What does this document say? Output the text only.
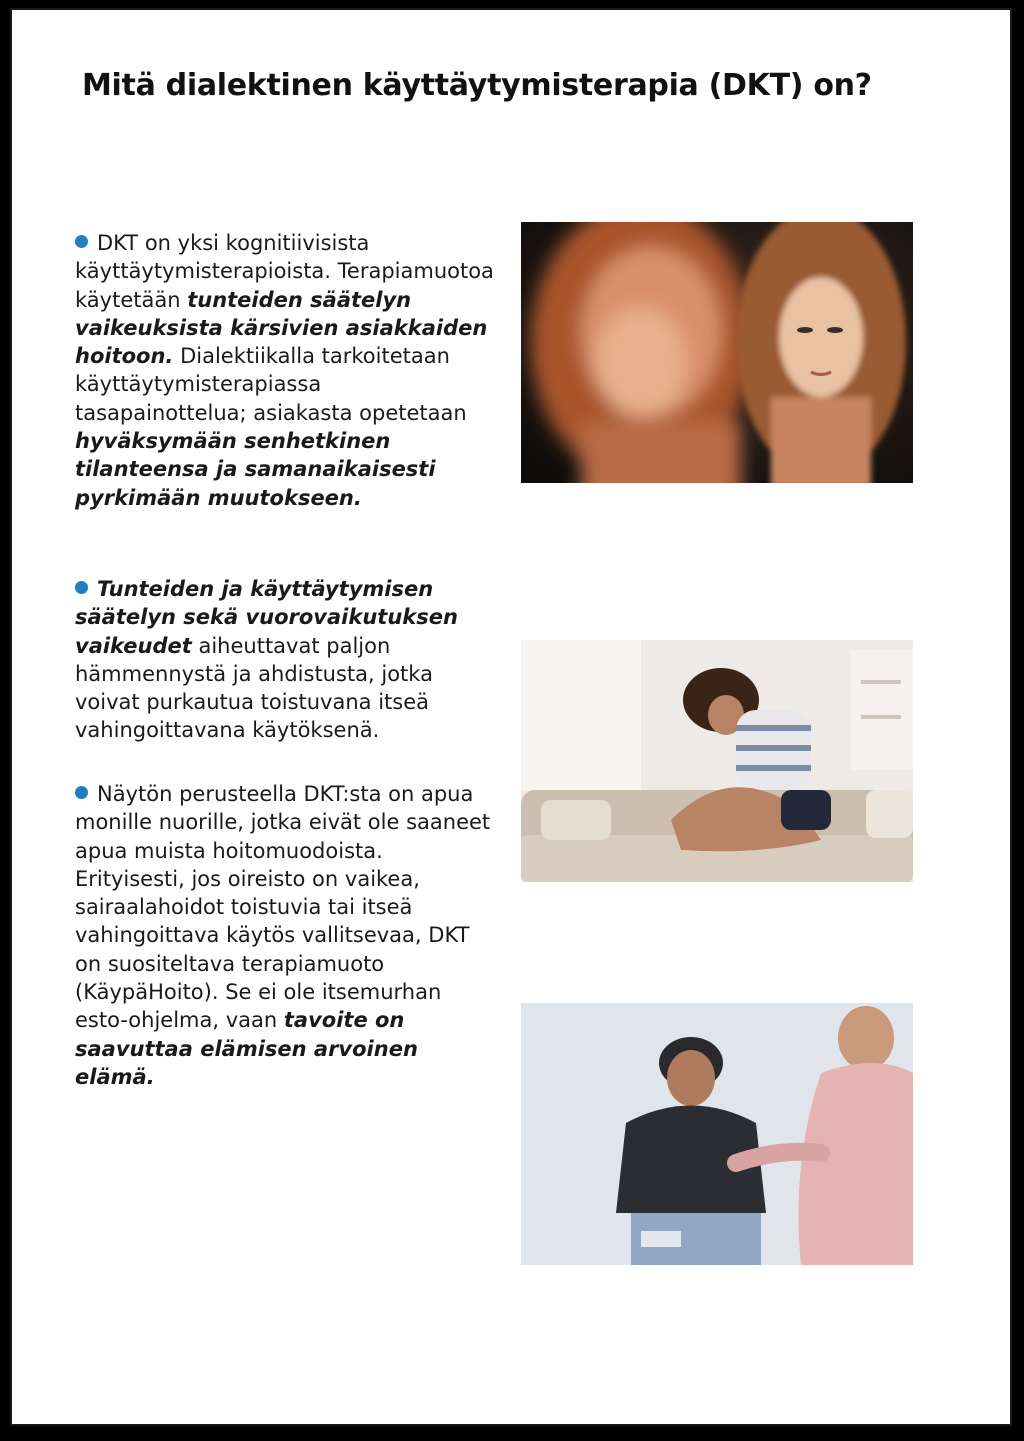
Mitä dialektinen käyttäytymisterapia (DKT) on?
DKT on yksi kognitiivisista käyttäytymisterapioista. Terapiamuotoa käytetään tunteiden säätelyn vaikeuksista kärsivien asiakkaiden hoitoon. Dialektiikalla tarkoitetaan käyttäytymisterapiassa tasapainottelua; asiakasta opetetaan hyväksymään senhetkinen tilanteensa ja samanaikaisesti pyrkimään muutokseen.
Tunteiden ja käyttäytymisen säätelyn sekä vuorovaikutuksen vaikeudet aiheuttavat paljon hämmennystä ja ahdistusta, jotka voivat purkautua toistuvana itseä vahingoittavana käytöksenä.
Näytön perusteella DKT:sta on apua monille nuorille, jotka eivät ole saaneet apua muista hoitomuodoista. Erityisesti, jos oireisto on vaikea, sairaalahoidot toistuvia tai itseä vahingoittava käytös vallitsevaa, DKT on suositeltava terapiamuoto (KäypäHoito). Se ei ole itsemurhan esto-ohjelma, vaan tavoite on saavuttaa elämisen arvoinen elämä.
